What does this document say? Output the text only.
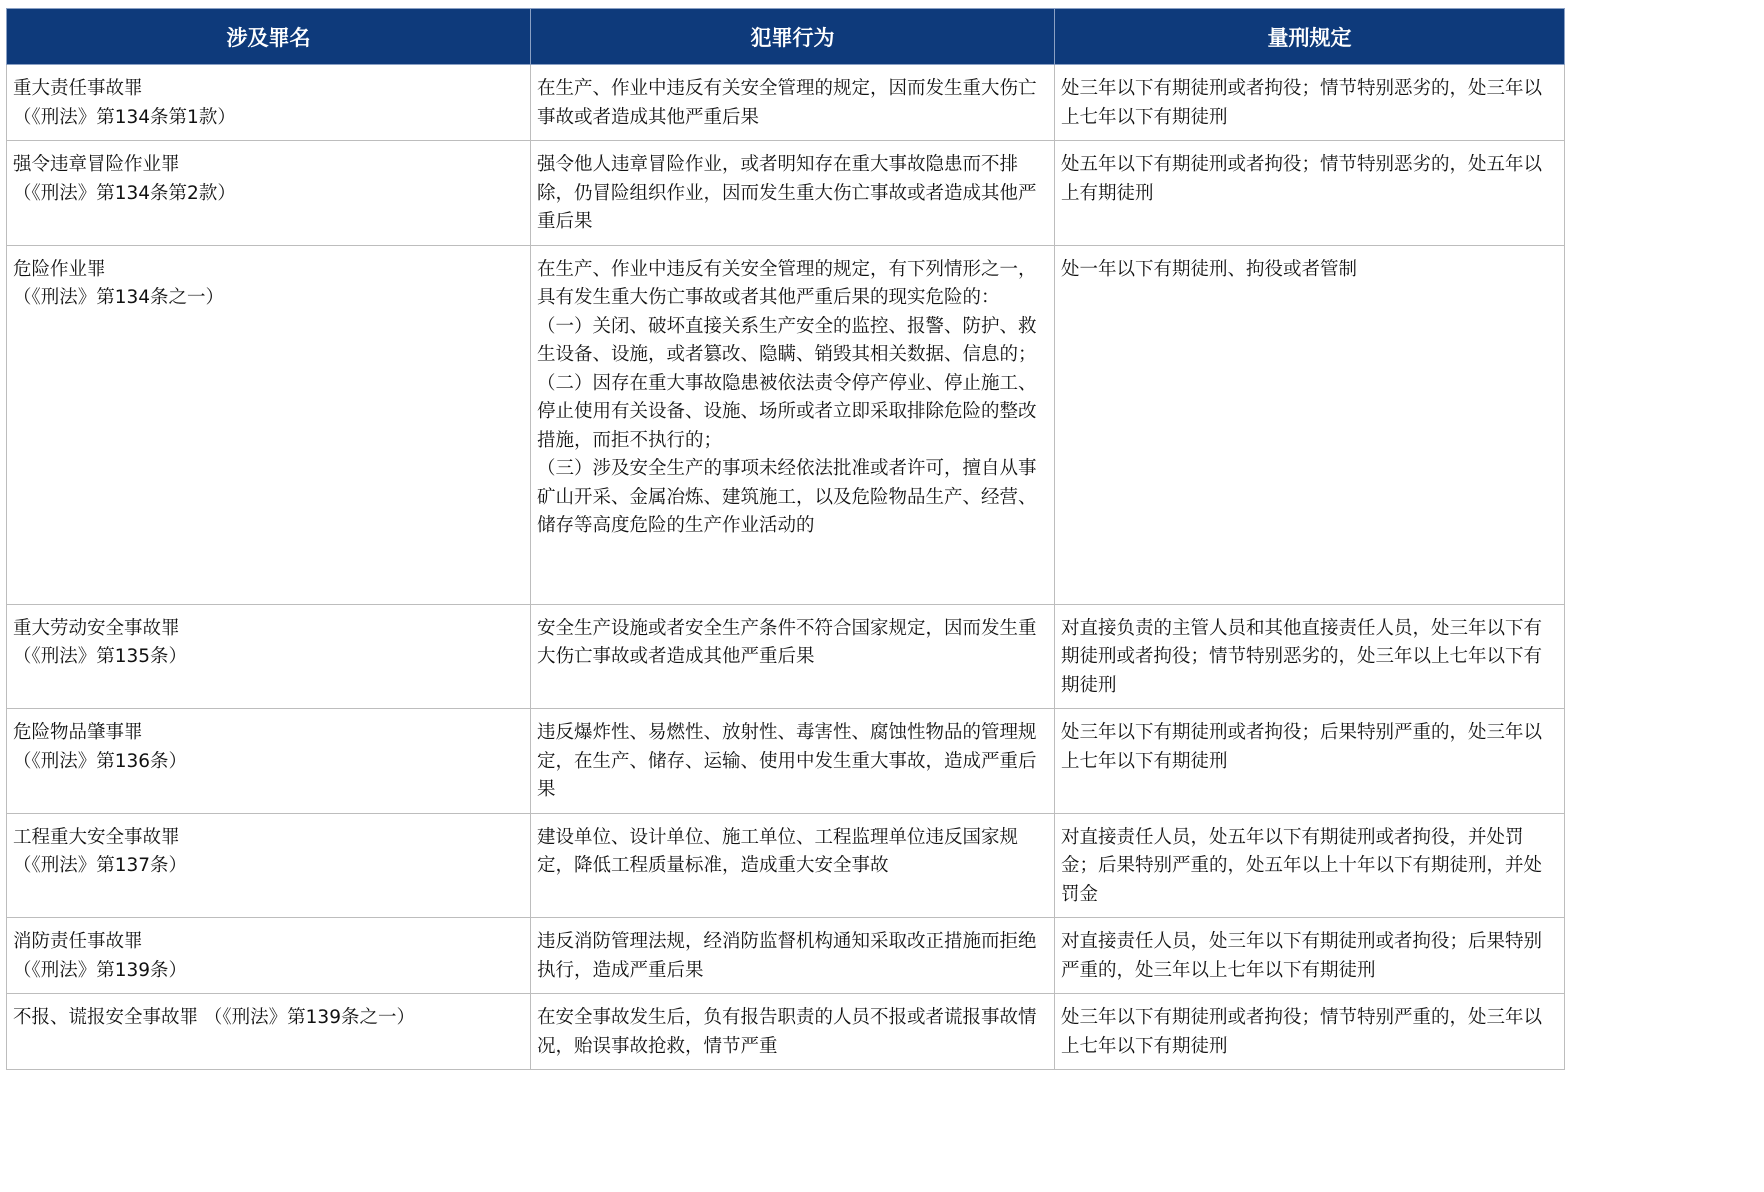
涉及罪名	犯罪行为	量刑规定
重大责任事故罪
（《刑法》第134条第1款）	在生产、作业中违反有关安全管理的规定，因而发生重大伤亡事故或者造成其他严重后果	处三年以下有期徒刑或者拘役；情节特别恶劣的，处三年以上七年以下有期徒刑
强令违章冒险作业罪
（《刑法》第134条第2款）	强令他人违章冒险作业，或者明知存在重大事故隐患而不排除，仍冒险组织作业，因而发生重大伤亡事故或者造成其他严重后果	处五年以下有期徒刑或者拘役；情节特别恶劣的，处五年以上有期徒刑
危险作业罪
（《刑法》第134条之一）	在生产、作业中违反有关安全管理的规定，有下列情形之一，具有发生重大伤亡事故或者其他严重后果的现实危险的：
（一）关闭、破坏直接关系生产安全的监控、报警、防护、救生设备、设施，或者篡改、隐瞒、销毁其相关数据、信息的；
（二）因存在重大事故隐患被依法责令停产停业、停止施工、停止使用有关设备、设施、场所或者立即采取排除危险的整改措施，而拒不执行的；
（三）涉及安全生产的事项未经依法批准或者许可，擅自从事矿山开采、金属冶炼、建筑施工，以及危险物品生产、经营、储存等高度危险的生产作业活动的	处一年以下有期徒刑、拘役或者管制
重大劳动安全事故罪
（《刑法》第135条）	安全生产设施或者安全生产条件不符合国家规定，因而发生重大伤亡事故或者造成其他严重后果	对直接负责的主管人员和其他直接责任人员，处三年以下有期徒刑或者拘役；情节特别恶劣的，处三年以上七年以下有期徒刑
危险物品肇事罪
（《刑法》第136条）	违反爆炸性、易燃性、放射性、毒害性、腐蚀性物品的管理规定，在生产、储存、运输、使用中发生重大事故，造成严重后果	处三年以下有期徒刑或者拘役；后果特别严重的，处三年以上七年以下有期徒刑
工程重大安全事故罪
（《刑法》第137条）	建设单位、设计单位、施工单位、工程监理单位违反国家规定，降低工程质量标准，造成重大安全事故	对直接责任人员，处五年以下有期徒刑或者拘役，并处罚金；后果特别严重的，处五年以上十年以下有期徒刑，并处罚金
消防责任事故罪
（《刑法》第139条）	违反消防管理法规，经消防监督机构通知采取改正措施而拒绝执行，造成严重后果	对直接责任人员，处三年以下有期徒刑或者拘役；后果特别严重的，处三年以上七年以下有期徒刑
不报、谎报安全事故罪 （《刑法》第139条之一）	在安全事故发生后，负有报告职责的人员不报或者谎报事故情况，贻误事故抢救，情节严重	处三年以下有期徒刑或者拘役；情节特别严重的，处三年以上七年以下有期徒刑
